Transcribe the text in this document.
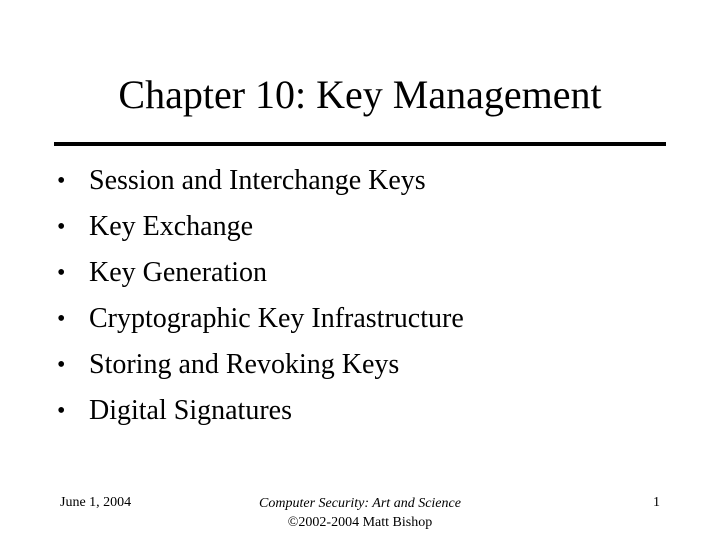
Chapter 10: Key Management
• Session and Interchange Keys
• Key Exchange
• Key Generation
• Cryptographic Key Infrastructure
• Storing and Revoking Keys
• Digital Signatures
June 1, 2004	Computer Security: Art and Science
©2002-2004 Matt Bishop
1
